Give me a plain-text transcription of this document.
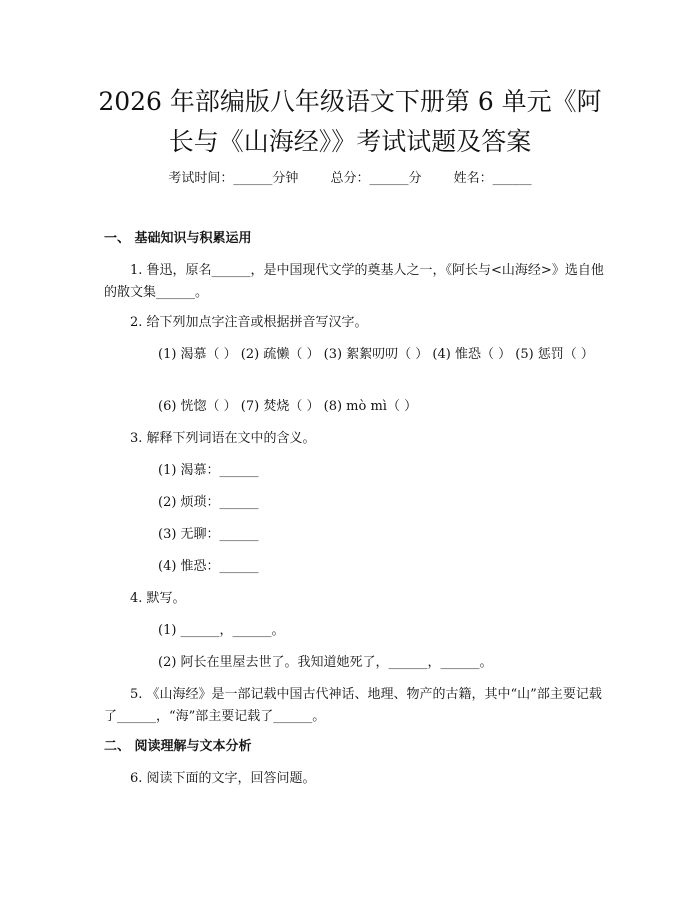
2026 年部编版八年级语文下册第 6 单元《阿
长与《山海经》》考试试题及答案
考试时间：______分钟 总分：______分 姓名：______
一、 基础知识与积累运用
1. 鲁迅，原名______，是中国现代文学的奠基人之一，《阿长与<山海经>》选自他的散文集______。
2. 给下列加点字注音或根据拼音写汉字。
(1) 渴慕（ ） (2) 疏懒（ ） (3) 絮絮叨叨（ ） (4) 惟恐（ ） (5) 惩罚（ ）
(6) 恍惚（ ） (7) 焚烧（ ） (8) mò mì（ ）
3. 解释下列词语在文中的含义。
(1) 渴慕：______
(2) 烦琐：______
(3) 无聊：______
(4) 惟恐：______
4. 默写。
(1) ______，______。
(2) 阿长在里屋去世了。我知道她死了，______，______。
5. 《山海经》是一部记载中国古代神话、地理、物产的古籍，其中“山”部主要记载了______，“海”部主要记载了______。
二、 阅读理解与文本分析
6. 阅读下面的文字，回答问题。
